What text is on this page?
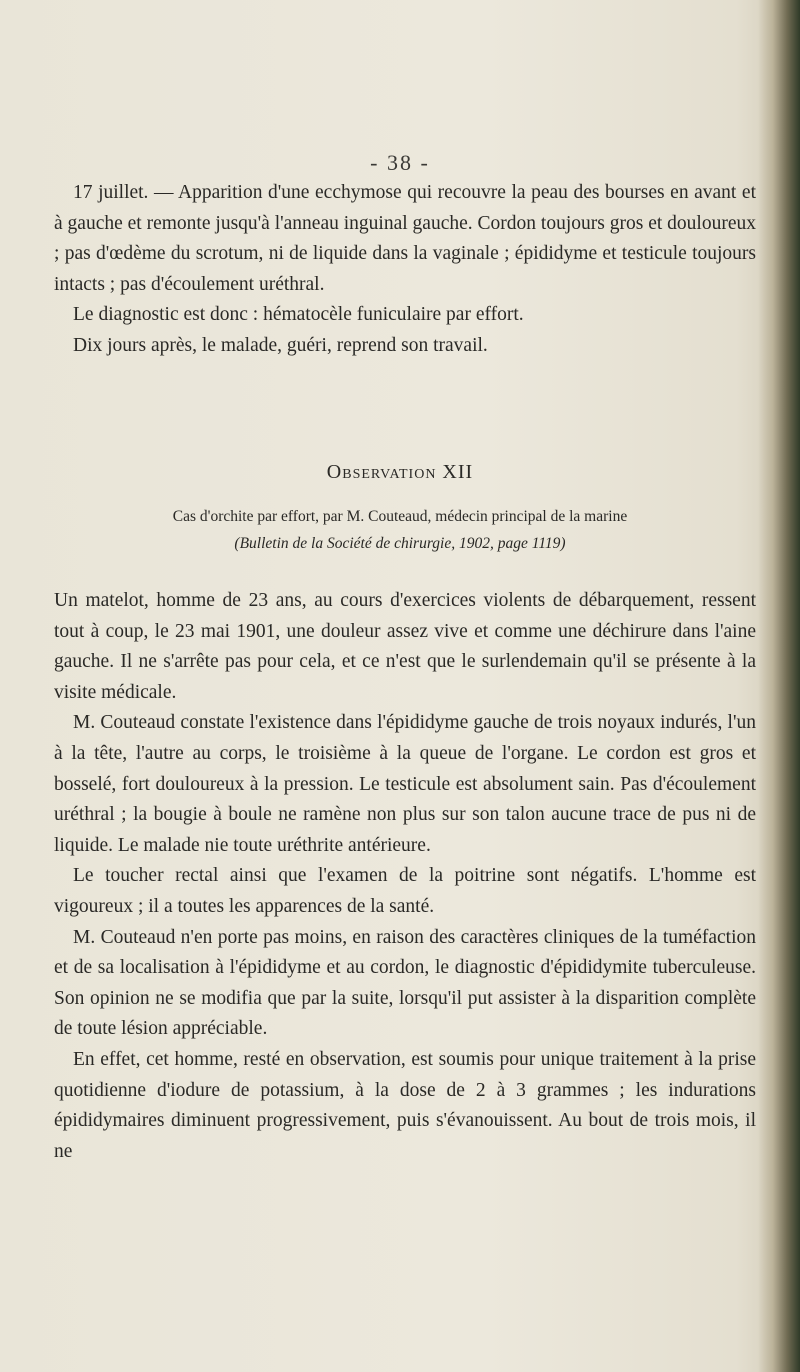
- 38 -

17 juillet. — Apparition d'une ecchymose qui recouvre la peau des bourses en avant et à gauche et remonte jusqu'à l'anneau inguinal gauche. Cordon toujours gros et douloureux ; pas d'œdème du scrotum, ni de liquide dans la vaginale ; épididyme et testicule toujours intacts ; pas d'écoulement uréthral.

Le diagnostic est donc : hématocèle funiculaire par effort.

Dix jours après, le malade, guéri, reprend son travail.

Observation XII
Cas d'orchite par effort, par M. Couteaud, médecin principal de la marine
(Bulletin de la Société de chirurgie, 1902, page 1119)

Un matelot, homme de 23 ans, au cours d'exercices violents de débarquement, ressent tout à coup, le 23 mai 1901, une douleur assez vive et comme une déchirure dans l'aine gauche. Il ne s'arrête pas pour cela, et ce n'est que le surlendemain qu'il se présente à la visite médicale.

M. Couteaud constate l'existence dans l'épididyme gauche de trois noyaux indurés, l'un à la tête, l'autre au corps, le troisième à la queue de l'organe. Le cordon est gros et bosselé, fort douloureux à la pression. Le testicule est absolument sain. Pas d'écoulement uréthral ; la bougie à boule ne ramène non plus sur son talon aucune trace de pus ni de liquide. Le malade nie toute uréthrite antérieure.

Le toucher rectal ainsi que l'examen de la poitrine sont négatifs. L'homme est vigoureux ; il a toutes les apparences de la santé.

M. Couteaud n'en porte pas moins, en raison des caractères cliniques de la tuméfaction et de sa localisation à l'épididyme et au cordon, le diagnostic d'épididymite tuberculeuse. Son opinion ne se modifia que par la suite, lorsqu'il put assister à la disparition complète de toute lésion appréciable.

En effet, cet homme, resté en observation, est soumis pour unique traitement à la prise quotidienne d'iodure de potassium, à la dose de 2 à 3 grammes ; les indurations épididymaires diminuent progressivement, puis s'évanouissent. Au bout de trois mois, il ne
